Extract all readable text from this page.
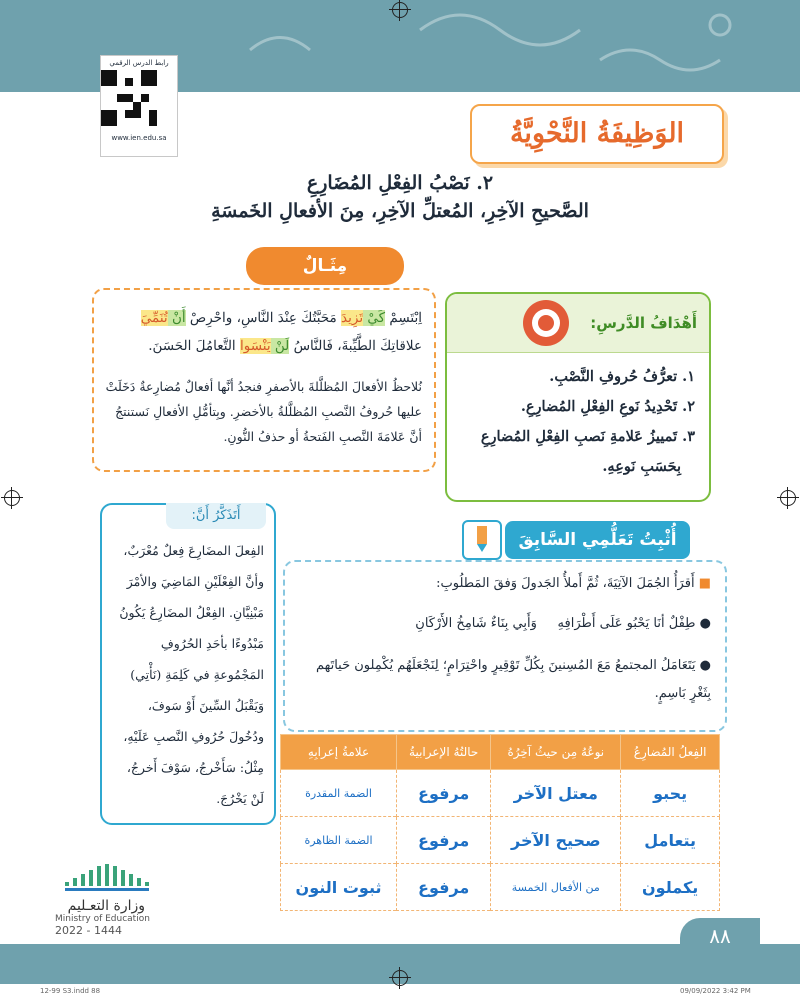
رابط الدرس الرقمي
www.ien.edu.sa	الوَظِيفَةُ النَّحْوِيَّةُ
٢. نَصْبُ الفِعْلِ المُضَارِعِ
الصَّحيحِ الآخِرِ، المُعتلِّ الآخِرِ، مِنَ الأفعالِ الخَمسَةِ
مِثَـالٌ
اِبْتَسِمْ كَيْ تَزِيدَ مَحَبَّتُكَ عِنْدَ النَّاسِ، واحْرِصْ أَنْ تُنَمِّيَ
علاقاتِكَ الطَّيِّبةَ، فَالنَّاسُ لَنْ يَنْسَوا التَّعامُلَ الحَسَنَ.
نُلاحظُ الأفعالَ المُظلَّلةَ بالأصفرِ فنجدُ أنَّها أفعالٌ مُضارِعةٌ دَخَلَتْ عليها حُروفُ النَّصبِ المُظلَّلةُ بالأخضرِ. وبِتأمُّلِ الأفعالِ نَستنتجُ أنَّ عَلامَةَ النَّصبِ الفَتحةُ أو حذفُ النُّونِ.
أَهْدَافُ الدَّرسِ:
١. تعرُّفُ حُروفِ النَّصْبِ.
٢. تَحْدِيدُ نَوعِ الفِعْلِ المُضارِعِ.
٣. تَمييزُ عَلامةِ نَصبِ الفِعْلِ المُضارِعِ
بِحَسَبِ نَوعِهِ.
أَتَذَكَّرُ أَنَّ:
الفِعلَ المضَارِعَ فِعلٌ مُعْرَبٌ، وأنَّ الفِعْلَيْنِ المَاضِيَ والأمْرَ مَبْنِيَّانِ. الفِعْلُ المضَارِعُ يَكُونُ مَبْدُوءًا بأحَدِ الحُرُوفِ المَجْمُوعةِ في كَلِمَةِ (نَأْتِي) وَيَقْبَلُ السِّينَ أَوْ سَوفَ، ودُخُولَ حُرُوفِ النَّصبِ عَلَيْهِ، مِثْلُ: سَأَخْرجُ، سَوْفَ أَخرجُ، لَنْ يَخْرُجَ.
أُثْبِتُ تَعَلُّمِي السَّابِقَ
■ أَقرَأُ الجُمَلَ الآتِيَةَ، ثُمَّ أَملأُ الجَدولَ وَفقَ المَطلُوبِ:
● طِفْلٌ أنَا يَحْبُو عَلَى أَطْرَافِهِ     وَأَبِي بِنَاءٌ شَامِخُ الأَرْكَانِ
● يَتَعَامَلُ المجتمعُ مَعَ المُسِنينَ بِكُلِّ تَوْقِيرٍ واحْتِرَامٍ؛ لِنَجْعَلَهُم يُكْمِلون حَياتَهم بِثَغْرٍ بَاسِمٍ.
الفِعلُ المُضارِعُ	نوعُهُ مِن حيثُ آخِرُهُ	حالتُهُ الإعرابيةُ	علامةُ إعرابِهِ
يحبو	معتل الآخر	مرفوع	الضمة المقدرة
يتعامل	صحيح الآخر	مرفوع	الضمة الظاهرة
يكملون	من الأفعال الخمسة	مرفوع	ثبوت النون
وزارة التعـليم
Ministry of Education
2022 - 1444	٨٨
12-99 S3.indd 88	09/09/2022 3:42 PM
